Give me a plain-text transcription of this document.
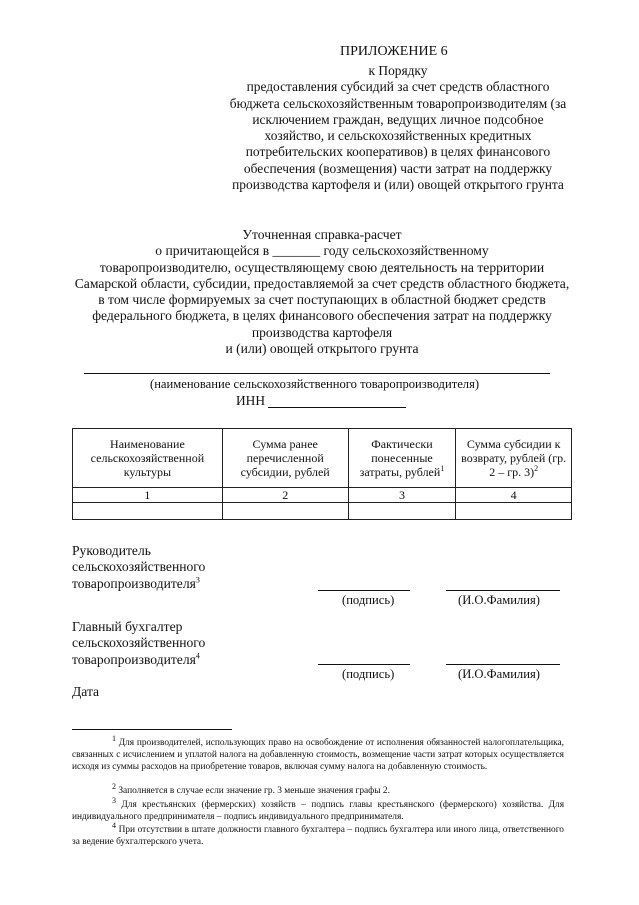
ПРИЛОЖЕНИЕ 6
к Порядку
предоставления субсидий за счет средств областного бюджета сельскохозяйственным товаропроизводителям (за исключением граждан, ведущих личное подсобное хозяйство, и сельскохозяйственных кредитных потребительских кооперативов) в целях финансового обеспечения (возмещения) части затрат на поддержку производства картофеля и (или) овощей открытого грунта
Уточненная справка-расчет
о причитающейся в _______ году сельскохозяйственному
товаропроизводителю, осуществляющему свою деятельность на территории Самарской области, субсидии, предоставляемой за счет средств областного бюджета, в том числе формируемых за счет поступающих в областной бюджет средств федерального бюджета, в целях финансового обеспечения затрат на поддержку производства картофеля
и (или) овощей открытого грунта
(наименование сельскохозяйственного товаропроизводителя)
ИНН
Наименование сельскохозяйственной культуры	Сумма ранее перечисленной субсидии, рублей	Фактически понесенные затраты, рублей$^1$	Сумма субсидии к возврату, рублей (гр. 2 – гр. 3)$^2$
1	2	3	4

Руководитель
сельскохозяйственного
товаропроизводителя$^3$
(подпись)	(И.О.Фамилия)
Главный бухгалтер
сельскохозяйственного
товаропроизводителя$^4$
(подпись)	(И.О.Фамилия)
Дата
$^1$ Для производителей, использующих право на освобождение от исполнения обязанностей налогоплательщика, связанных с исчислением и уплатой налога на добавленную стоимость, возмещение части затрат которых осуществляется исходя из суммы расходов на приобретение товаров, включая сумму налога на добавленную стоимость.
$^2$ Заполняется в случае если значение гр. 3 меньше значения графы 2.
$^3$ Для крестьянских (фермерских) хозяйств – подпись главы крестьянского (фермерского) хозяйства. Для индивидуального предпринимателя – подпись индивидуального предпринимателя.
$^4$ При отсутствии в штате должности главного бухгалтера – подпись бухгалтера или иного лица, ответственного за ведение бухгалтерского учета.
